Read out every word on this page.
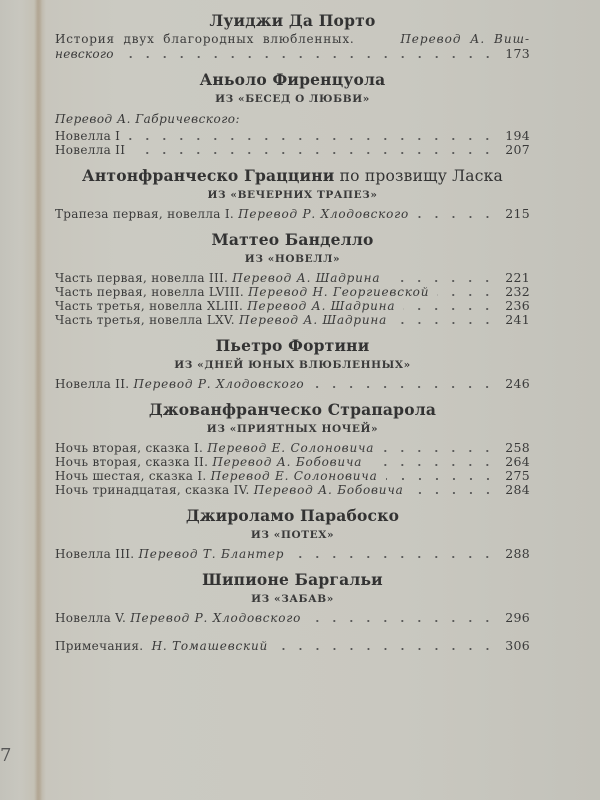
7
Луиджи Да Порто
История двух благородных влюбленных.	Перевод А. Виш-
невского	173
Аньоло Фиренцуола
ИЗ «БЕСЕД О ЛЮБВИ»
Перевод А. Габричевского:
Новелла I	194
Новелла II	207
Антонфранческо Граццини по прозвищу Ласка
ИЗ «ВЕЧЕРНИХ ТРАПЕЗ»
Трапеза первая, новелла I. Перевод Р. Хлодовского	215
Маттео Банделло
ИЗ «НОВЕЛЛ»
Часть первая, новелла III. Перевод А. Шадрина	221
Часть первая, новелла LVIII. Перевод Н. Георгиевской	232
Часть третья, новелла XLIII. Перевод А. Шадрина	236
Часть третья, новелла LXV. Перевод А. Шадрина	241
Пьетро Фортини
ИЗ «ДНЕЙ ЮНЫХ ВЛЮБЛЕННЫХ»
Новелла II. Перевод Р. Хлодовского	246
Джованфранческо Страпарола
ИЗ «ПРИЯТНЫХ НОЧЕЙ»
Ночь вторая, сказка I. Перевод Е. Солоновича	258
Ночь вторая, сказка II. Перевод А. Бобовича	264
Ночь шестая, сказка I. Перевод Е. Солоновича	275
Ночь тринадцатая, сказка IV. Перевод А. Бобовича	284
Джироламо Парабоско
ИЗ «ПОТЕХ»
Новелла III. Перевод Т. Блантер	288
Шипионе Баргальи
ИЗ «ЗАБАВ»
Новелла V. Перевод Р. Хлодовского	296
Примечания. Н. Томашевский	306
